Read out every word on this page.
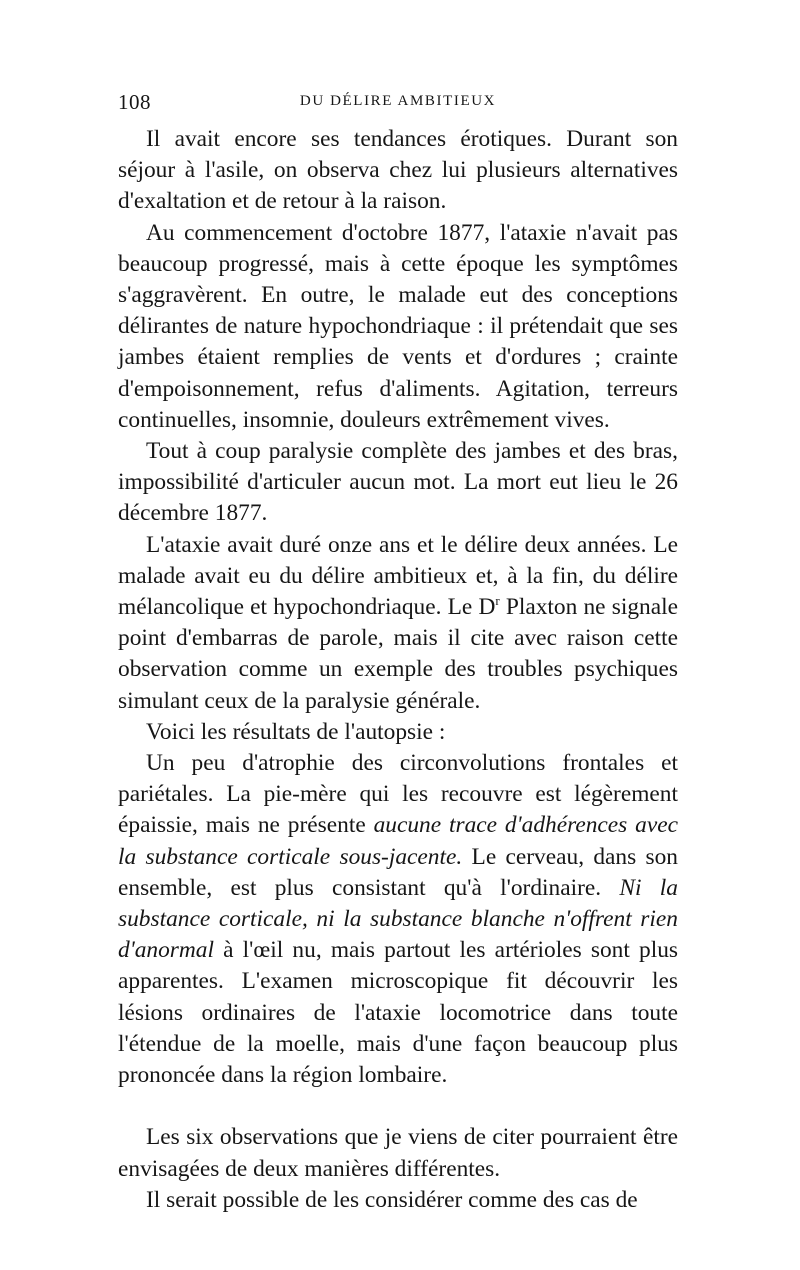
108	DU DÉLIRE AMBITIEUX

Il avait encore ses tendances érotiques. Durant son séjour à l'asile, on observa chez lui plusieurs alternatives d'exaltation et de retour à la raison.

Au commencement d'octobre 1877, l'ataxie n'avait pas beaucoup progressé, mais à cette époque les symptômes s'aggravèrent. En outre, le malade eut des conceptions délirantes de nature hypochondriaque : il prétendait que ses jambes étaient remplies de vents et d'ordures ; crainte d'empoisonnement, refus d'aliments. Agitation, terreurs continuelles, insomnie, douleurs extrêmement vives.

Tout à coup paralysie complète des jambes et des bras, impossibilité d'articuler aucun mot. La mort eut lieu le 26 décembre 1877.

L'ataxie avait duré onze ans et le délire deux années. Le malade avait eu du délire ambitieux et, à la fin, du délire mélancolique et hypochondriaque. Le $D^r$ Plaxton ne signale point d'embarras de parole, mais il cite avec raison cette observation comme un exemple des troubles psychiques simulant ceux de la paralysie générale.

Voici les résultats de l'autopsie :

Un peu d'atrophie des circonvolutions frontales et pariétales. La pie-mère qui les recouvre est légèrement épaissie, mais ne présente aucune trace d'adhérences avec la substance corticale sous-jacente. Le cerveau, dans son ensemble, est plus consistant qu'à l'ordinaire. Ni la substance corticale, ni la substance blanche n'offrent rien d'anormal à l'œil nu, mais partout les artérioles sont plus apparentes. L'examen microscopique fit découvrir les lésions ordinaires de l'ataxie locomotrice dans toute l'étendue de la moelle, mais d'une façon beaucoup plus prononcée dans la région lombaire.

Les six observations que je viens de citer pourraient être envisagées de deux manières différentes.

Il serait possible de les considérer comme des cas de
